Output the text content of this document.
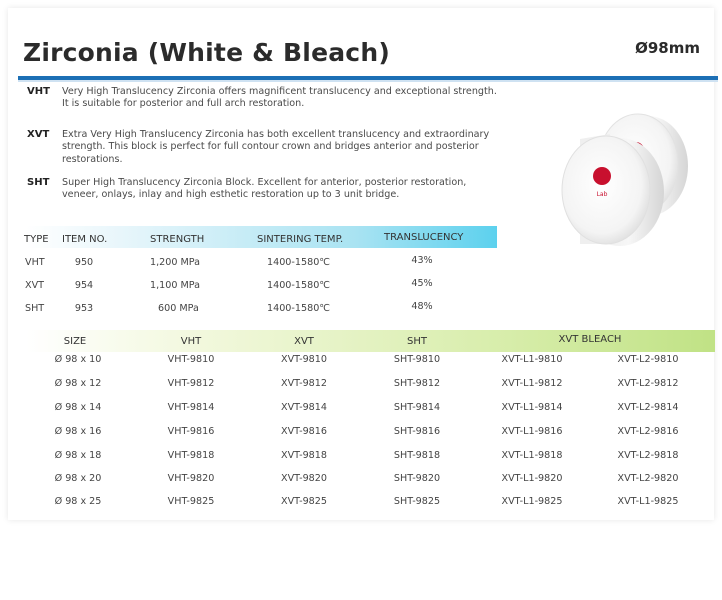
Zirconia (White & Bleach)	Ø98mm
VHT Very High Translucency Zirconia offers magnificent translucency and exceptional strength. It is suitable for posterior and full arch restoration.
XVT Extra Very High Translucency Zirconia has both excellent translucency and extraordinary strength. This block is perfect for full contour crown and bridges anterior and posterior restorations.
SHT Super High Translucency Zirconia Block. Excellent for anterior, posterior restoration, veneer, onlays, inlay and high esthetic restoration up to 3 unit bridge.	Lab
TYPE ITEM NO.	STRENGTH	SINTERING TEMP.	TRANSLUCENCY
VHT	950	1,200 MPa	1400-1580℃	43%
XVT	954	1,100 MPa	1400-1580℃	45%
SHT	953	600 MPa	1400-1580℃	48%
SIZE	VHT	XVT	SHT	XVT BLEACH
Ø 98 x 10	VHT-9810	XVT-9810	SHT-9810	XVT-L1-9810	XVT-L2-9810
Ø 98 x 12	VHT-9812	XVT-9812	SHT-9812	XVT-L1-9812	XVT-L2-9812
Ø 98 x 14	VHT-9814	XVT-9814	SHT-9814	XVT-L1-9814	XVT-L2-9814
Ø 98 x 16	VHT-9816	XVT-9816	SHT-9816	XVT-L1-9816	XVT-L2-9816
Ø 98 x 18	VHT-9818	XVT-9818	SHT-9818	XVT-L1-9818	XVT-L2-9818
Ø 98 x 20	VHT-9820	XVT-9820	SHT-9820	XVT-L1-9820	XVT-L2-9820
Ø 98 x 25	VHT-9825	XVT-9825	SHT-9825	XVT-L1-9825	XVT-L1-9825
